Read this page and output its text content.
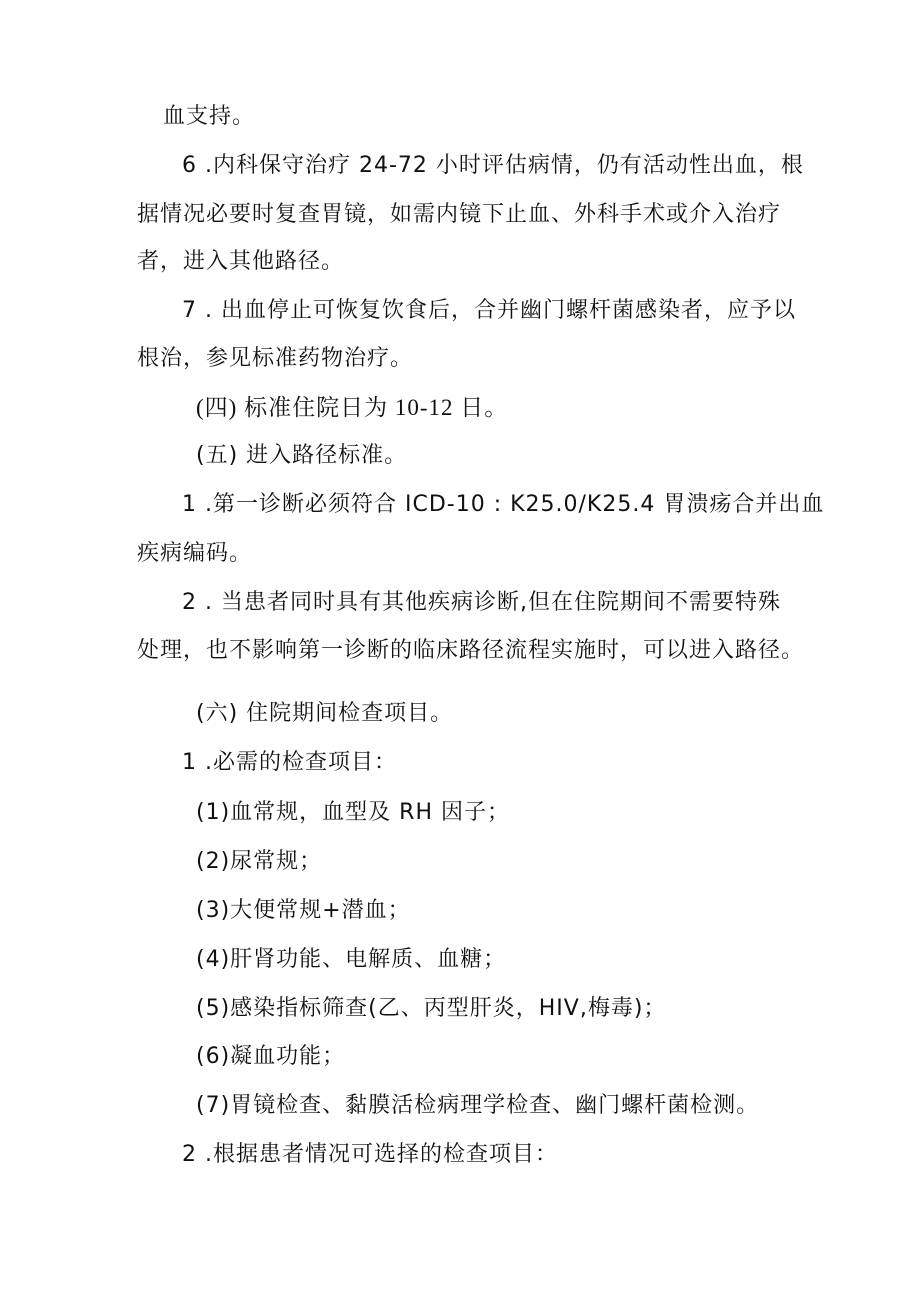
血支持。

6 .内科保守治疗 24-72 小时评估病情，仍有活动性出血，根

据情况必要时复查胃镜，如需内镜下止血、外科手术或介入治疗

者，进入其他路径。

7 . 出血停止可恢复饮食后，合并幽门螺杆菌感染者，应予以

根治，参见标准药物治疗。

(四) 标准住院日为 10-12 日。

(五) 进入路径标准。

1 .第一诊断必须符合 ICD-10 : K25.0/K25.4 胃溃疡合并出血

疾病编码。

2 . 当患者同时具有其他疾病诊断,但在住院期间不需要特殊

处理，也不影响第一诊断的临床路径流程实施时，可以进入路径。

(六) 住院期间检查项目。

1 .必需的检查项目：

(1)血常规，血型及 RH 因子；

(2)尿常规；

(3)大便常规+潜血；

(4)肝肾功能、电解质、血糖；

(5)感染指标筛查(乙、丙型肝炎，HIV,梅毒)；

(6)凝血功能；

(7)胃镜检查、黏膜活检病理学检查、幽门螺杆菌检测。

2 .根据患者情况可选择的检查项目：
